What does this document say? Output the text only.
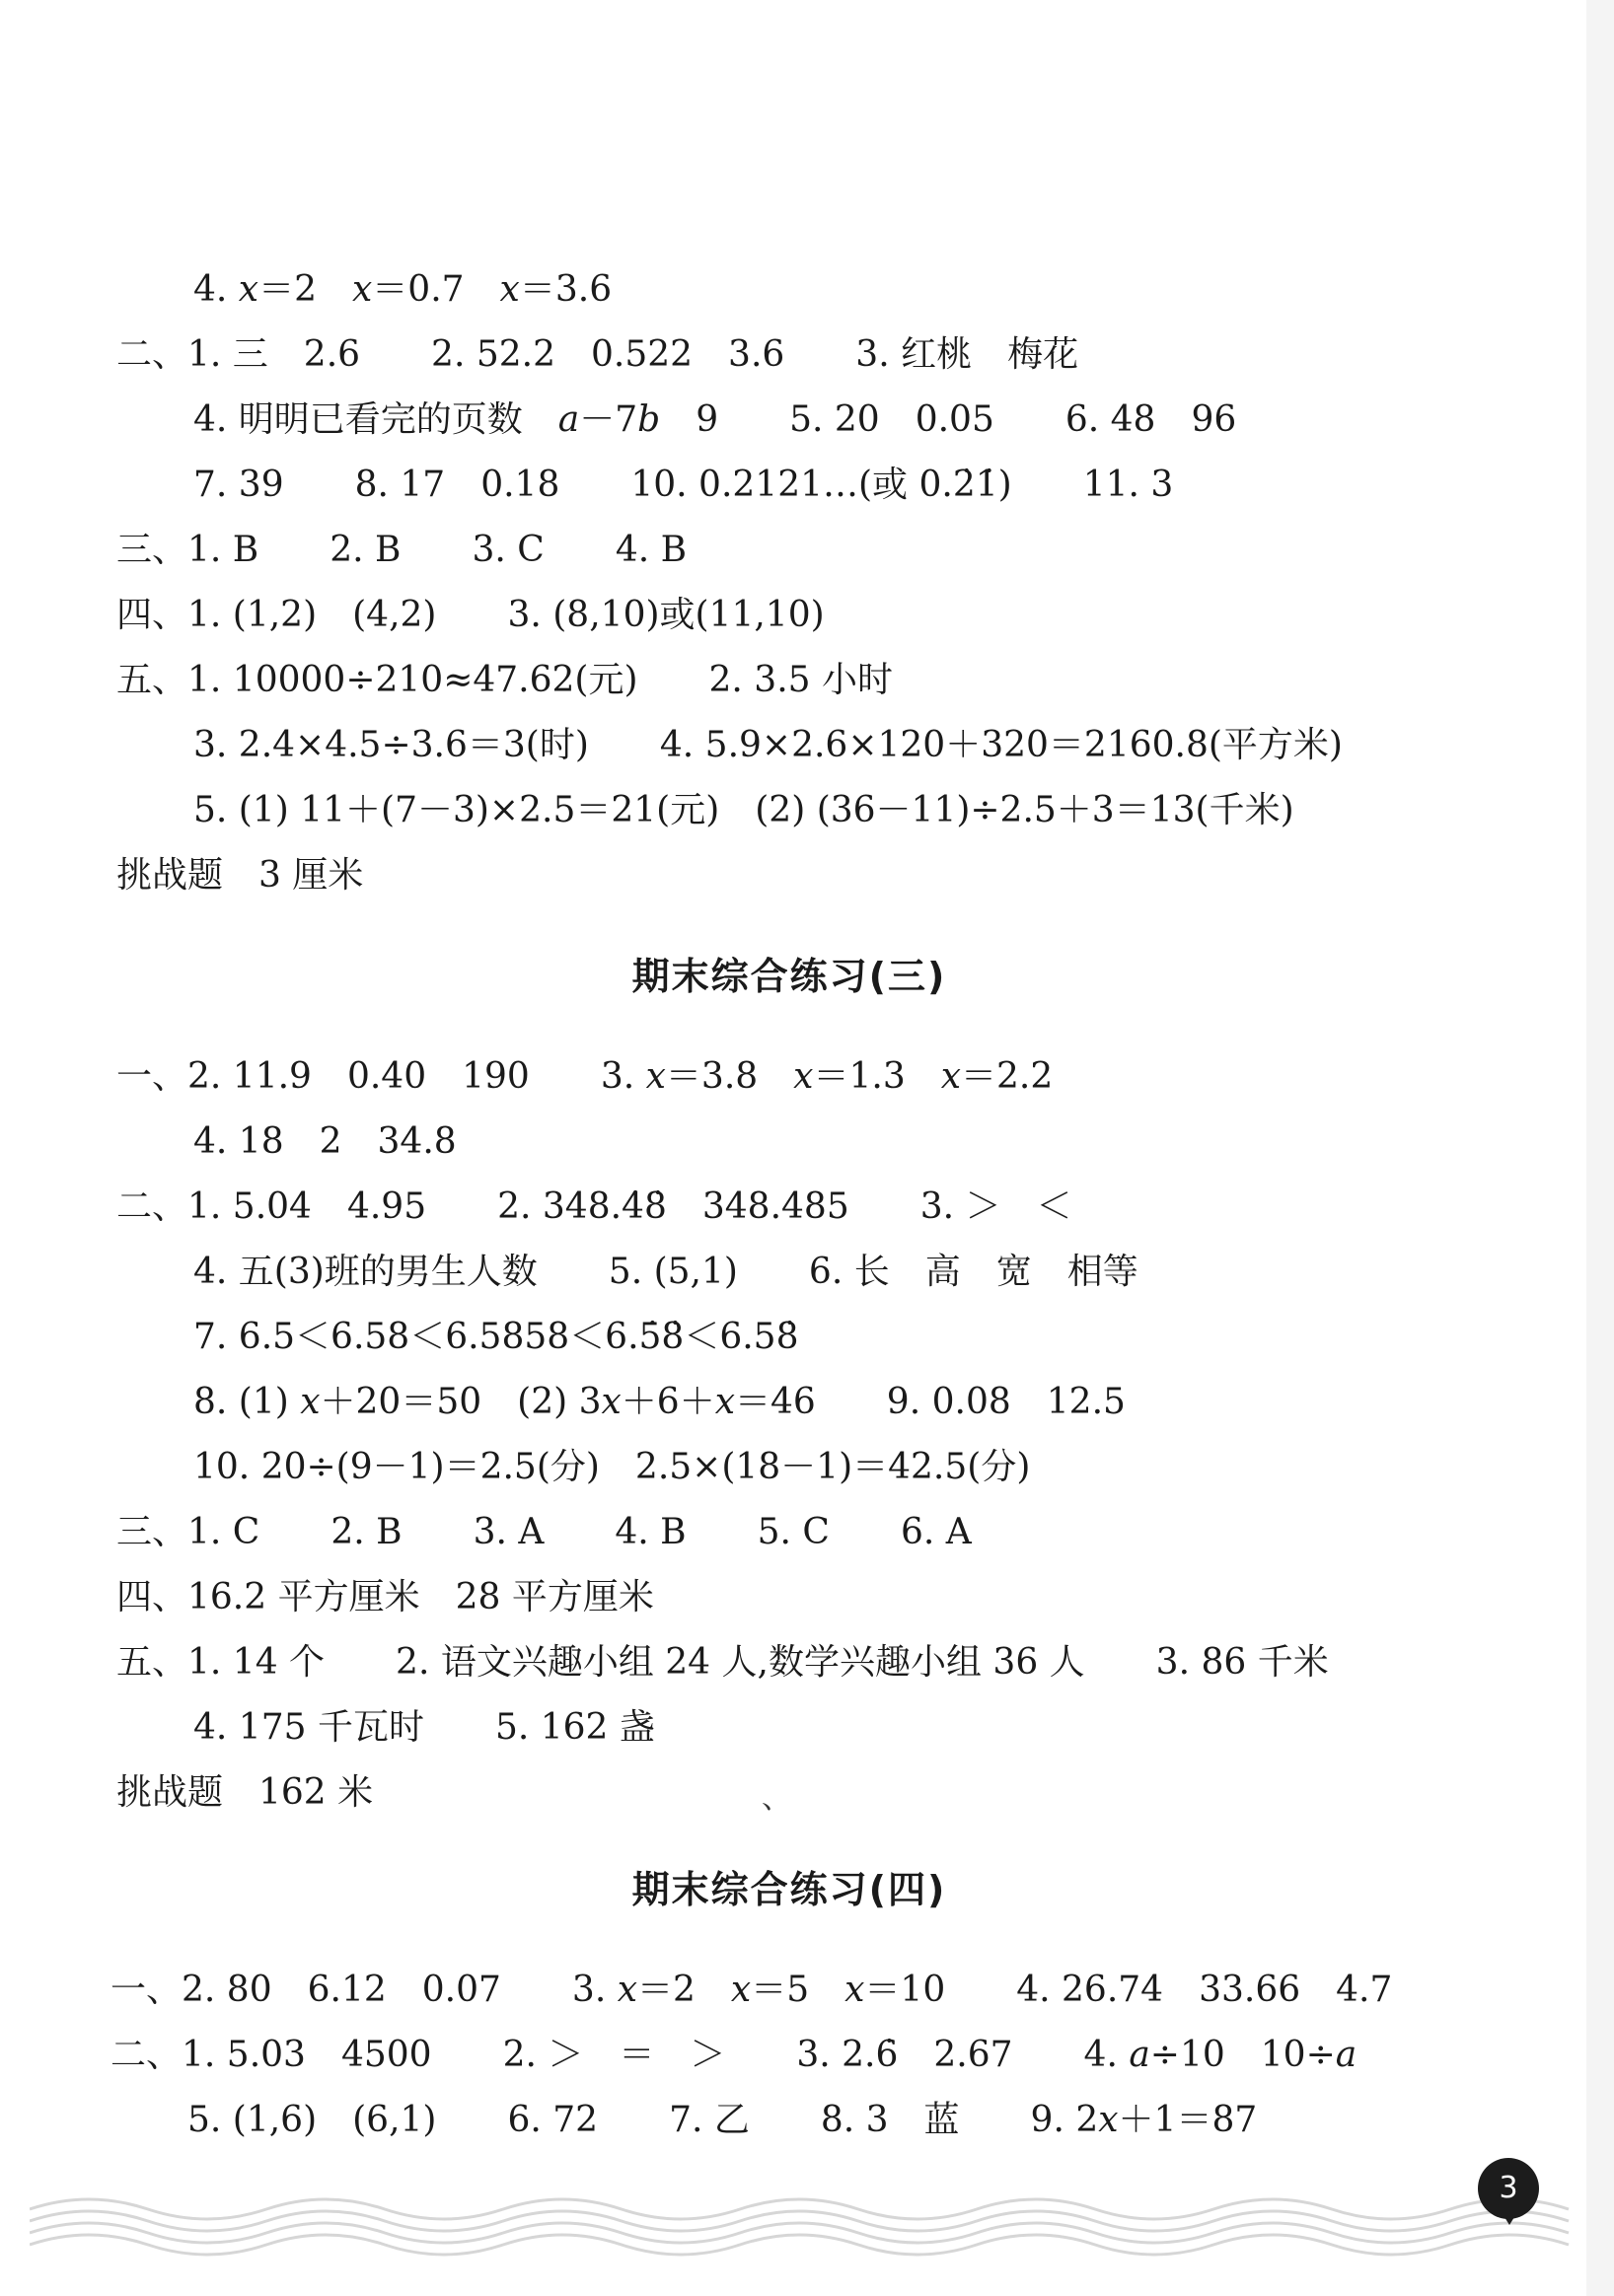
4. 𝑥＝2　𝑥＝0.7　𝑥＝3.6
二、1. 三　2.6　　2. 52.2　0.522　3.6　　3. 红桃　梅花
4. 明明已看完的页数　𝑎－7𝑏　9　　5. 20　0.05　　6. 48　96
7. 39　　8. 17　0.18　　10. 0.2121…(或 0.2̇1̇)　　11. 3
三、1. B　　2. B　　3. C　　4. B
四、1. (1,2)　(4,2)　　3. (8,10)或(11,10)
五、1. 10000÷210≈47.62(元)　　2. 3.5 小时
3. 2.4×4.5÷3.6＝3(时)　　4. 5.9×2.6×120＋320＝2160.8(平方米)
5. (1) 11＋(7－3)×2.5＝21(元)　(2) (36－11)÷2.5＋3＝13(千米)
挑战题　3 厘米
期末综合练习(三)
一、2. 11.9　0.40　190　　3. 𝑥＝3.8　𝑥＝1.3　𝑥＝2.2
4. 18　2　34.8
二、1. 5.04　4.95　　2. 348.4̇8̇　348.485　　3. ＞　＜
4. 五(3)班的男生人数　　5. (5,1)　　6. 长　高　宽　相等
7. 6.5＜6.58＜6.5858＜6.5̇8̇＜6.58̇
8. (1) 𝑥＋20＝50　(2) 3𝑥＋6＋𝑥＝46　　9. 0.08　12.5
10. 20÷(9－1)＝2.5(分)　2.5×(18－1)＝42.5(分)
三、1. C　　2. B　　3. A　　4. B　　5. C　　6. A
四、16.2 平方厘米　28 平方厘米
五、1. 14 个　　2. 语文兴趣小组 24 人,数学兴趣小组 36 人　　3. 86 千米
4. 175 千瓦时　　5. 162 盏
挑战题　162 米	、
期末综合练习(四)
一、2. 80　6.12　0.07　　3. 𝑥＝2　𝑥＝5　𝑥＝10　　4. 26.74　33.66　4.7
二、1. 5.03　4500　　2. ＞　＝　＞　　3. 2.6̇　2.67　　4. 𝑎÷10　10÷𝑎
5. (1,6)　(6,1)　　6. 72　　7. 乙　　8. 3　蓝　　9. 2𝑥＋1＝87
3
